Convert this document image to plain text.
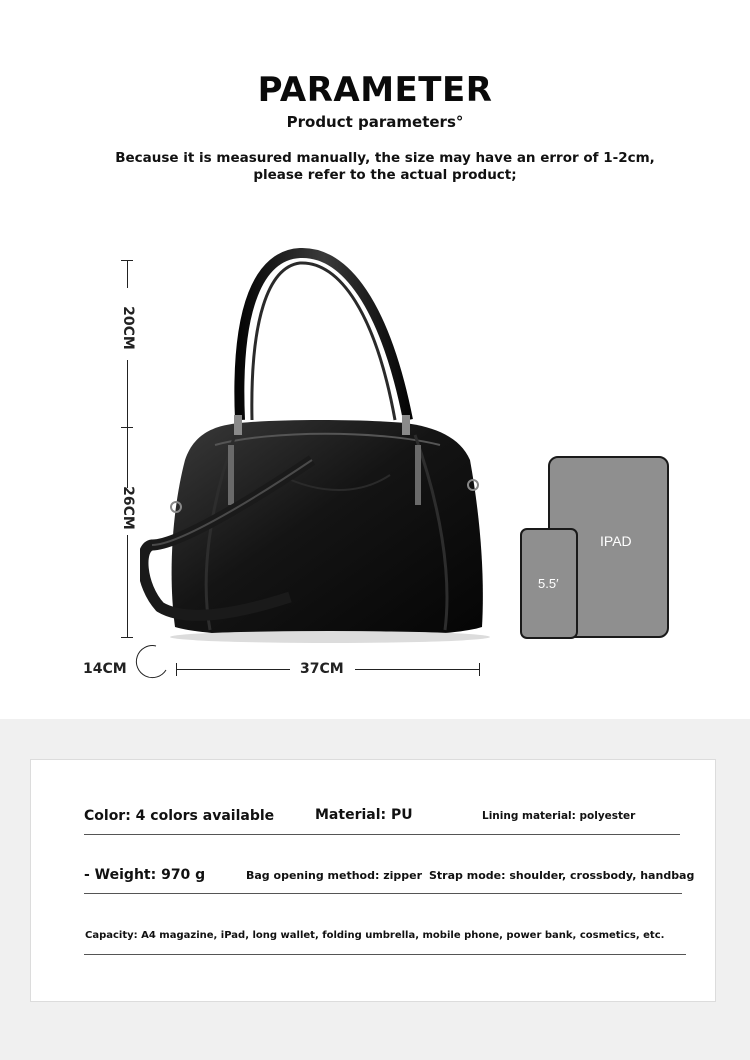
PARAMETER
Product parameters°
Because it is measured manually, the size may have an error of 1-2cm, please refer to the actual product;
20CM
26CM
14CM	37CM
IPAD
5.5′
Color: 4 colors available	Material: PU	Lining material: polyester
- Weight: 970 g	Bag opening method: zipper Strap mode: shoulder, crossbody, handbag
Capacity: A4 magazine, iPad, long wallet, folding umbrella, mobile phone, power bank, cosmetics, etc.
